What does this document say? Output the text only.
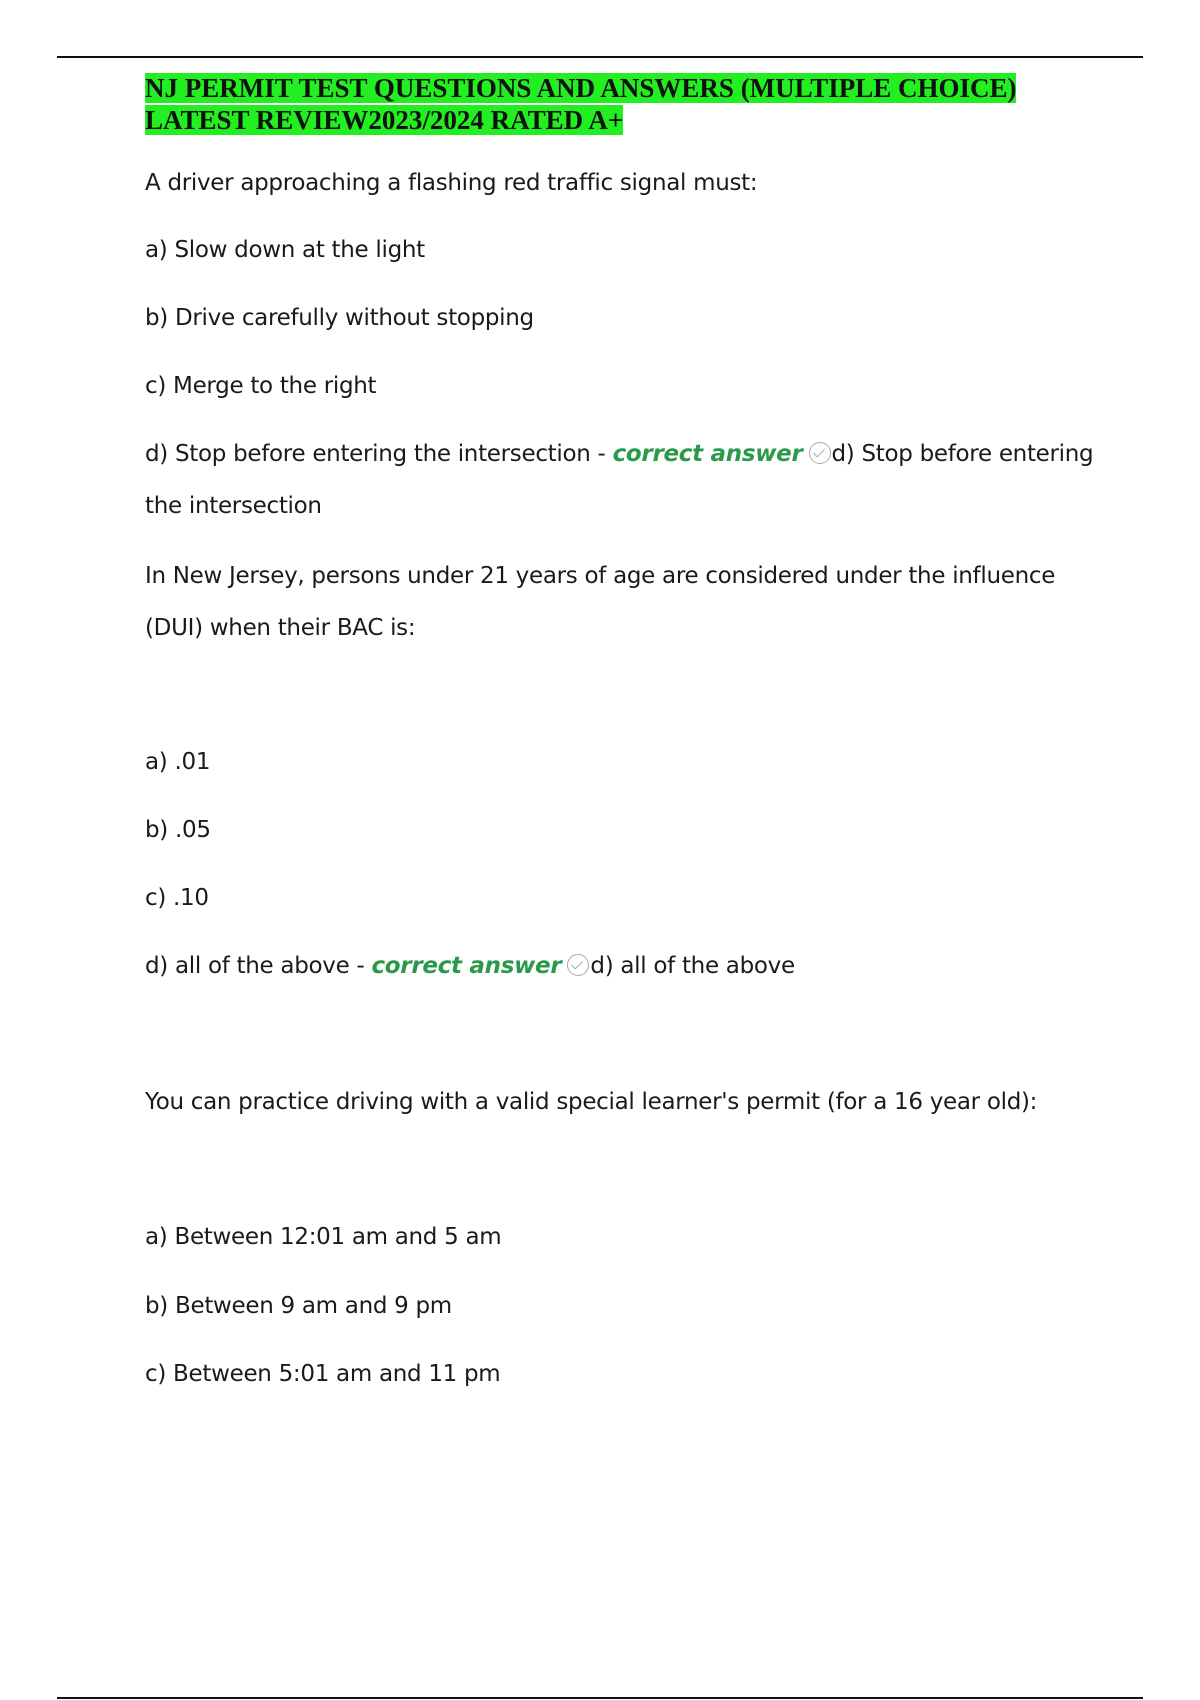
NJ PERMIT TEST QUESTIONS AND ANSWERS (MULTIPLE CHOICE)
LATEST REVIEW2023/2024 RATED A+
A driver approaching a flashing red traffic signal must:
a) Slow down at the light
b) Drive carefully without stopping
c) Merge to the right
d) Stop before entering the intersection - correct answer d) Stop before entering the intersection
In New Jersey, persons under 21 years of age are considered under the influence (DUI) when their BAC is:
a) .01
b) .05
c) .10
d) all of the above - correct answer d) all of the above
You can practice driving with a valid special learner's permit (for a 16 year old):
a) Between 12:01 am and 5 am
b) Between 9 am and 9 pm
c) Between 5:01 am and 11 pm
